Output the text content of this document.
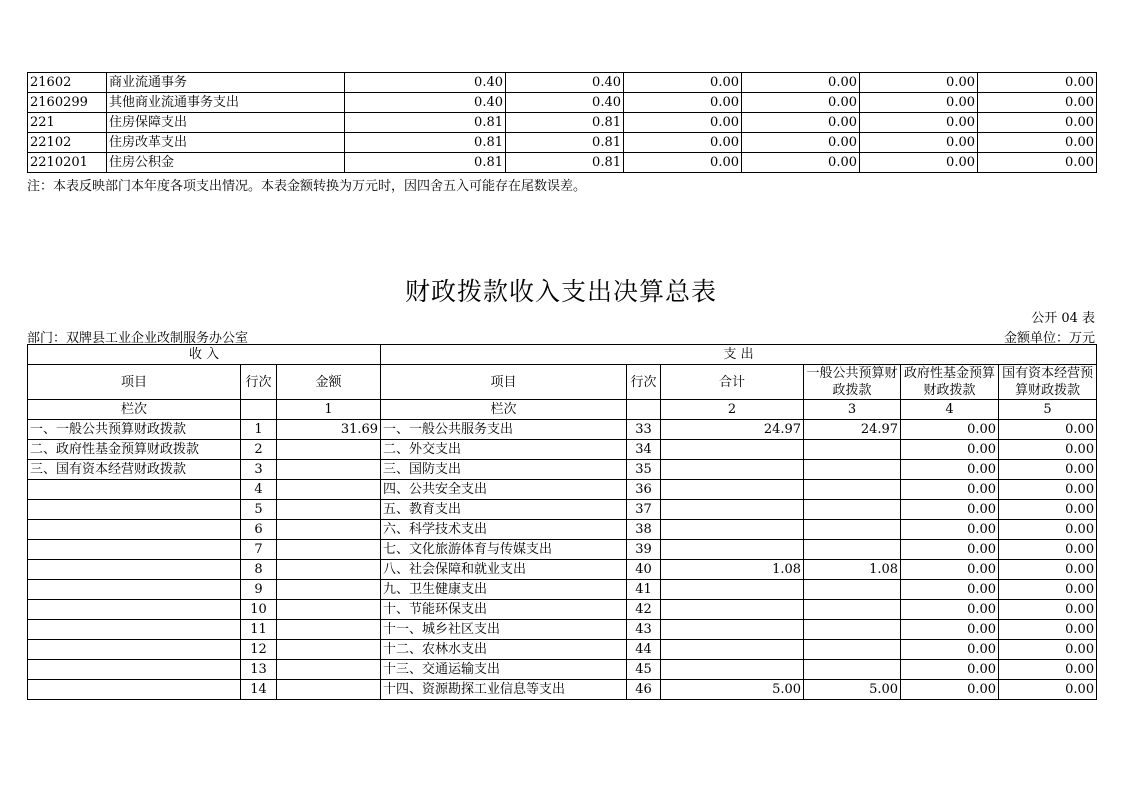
21602	商业流通事务	0.40	0.40	0.00	0.00	0.00	0.00
2160299	其他商业流通事务支出	0.40	0.40	0.00	0.00	0.00	0.00
221	住房保障支出	0.81	0.81	0.00	0.00	0.00	0.00
22102	住房改革支出	0.81	0.81	0.00	0.00	0.00	0.00
2210201	住房公积金	0.81	0.81	0.00	0.00	0.00	0.00
注：本表反映部门本年度各项支出情况。本表金额转换为万元时，因四舍五入可能存在尾数误差。
财政拨款收入支出决算总表
公开 04 表
部门：双牌县工业企业改制服务办公室	金额单位：万元
收 入			支 出					
项目	行次	金额	项目	行次	合计	一般公共预算财政拨款	政府性基金预算财政拨款	国有资本经营预算财政拨款
栏次		1	栏次		2	3	4	5
一、一般公共预算财政拨款	1	31.69	一、一般公共服务支出	33	24.97	24.97	0.00	0.00
二、政府性基金预算财政拨款	2		二、外交支出	34			0.00	0.00
三、国有资本经营财政拨款	3		三、国防支出	35			0.00	0.00
	4		四、公共安全支出	36			0.00	0.00
	5		五、教育支出	37			0.00	0.00
	6		六、科学技术支出	38			0.00	0.00
	7		七、文化旅游体育与传媒支出	39			0.00	0.00
	8		八、社会保障和就业支出	40	1.08	1.08	0.00	0.00
	9		九、卫生健康支出	41			0.00	0.00
	10		十、节能环保支出	42			0.00	0.00
	11		十一、城乡社区支出	43			0.00	0.00
	12		十二、农林水支出	44			0.00	0.00
	13		十三、交通运输支出	45			0.00	0.00
	14		十四、资源勘探工业信息等支出	46	5.00	5.00	0.00	0.00
